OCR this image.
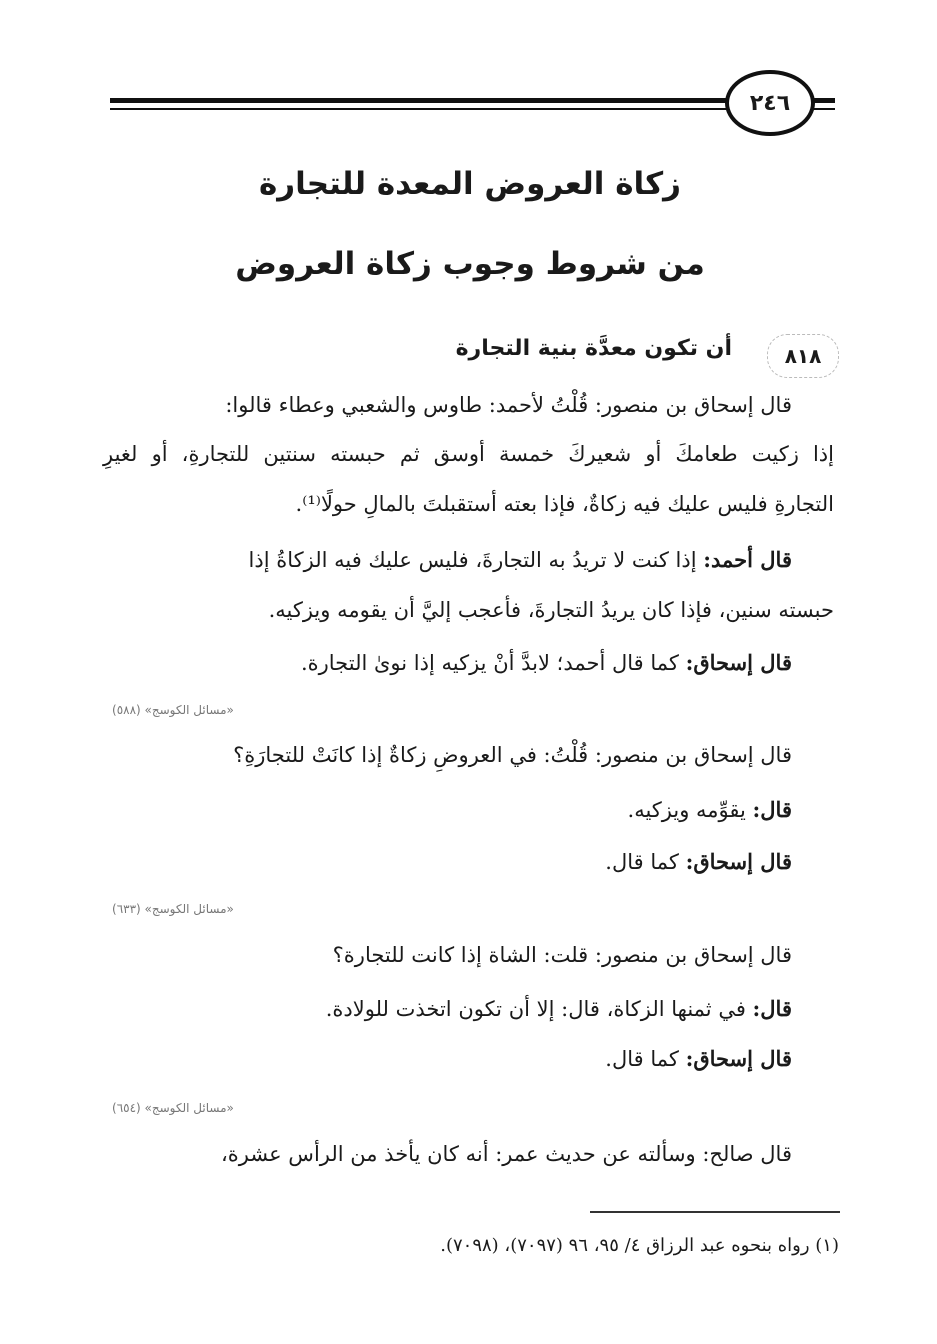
٢٤٦
زكاة العروض المعدة للتجارة
من شروط وجوب زكاة العروض
٨١٨
أن تكون معدَّة بنية التجارة
قال إسحاق بن منصور: قُلْتُ لأحمد: طاوس والشعبي وعطاء قالوا:
إذا زكيت طعامكَ أو شعيركَ خمسة أوسق ثم حبسته سنتين للتجارةِ، أو لغيرِ
التجارةِ فليس عليك فيه زكاةٌ، فإذا بعته أستقبلتَ بالمالِ حولًا⁽¹⁾.
قال أحمد: إذا كنت لا تريدُ به التجارةَ، فليس عليك فيه الزكاةُ إذا
حبسته سنين، فإذا كان يريدُ التجارةَ، فأعجب إليَّ أن يقومه ويزكيه.
قال إسحاق: كما قال أحمد؛ لابدَّ أنْ يزكيه إذا نوىٰ التجارة.
«مسائل الكوسج» (٥٨٨)
قال إسحاق بن منصور: قُلْتُ: في العروضِ زكاةٌ إذا كانَتْ للتجارَةِ؟
قال: يقوِّمه ويزكيه.
قال إسحاق: كما قال.
«مسائل الكوسج» (٦٣٣)
قال إسحاق بن منصور: قلت: الشاة إذا كانت للتجارة؟
قال: في ثمنها الزكاة، قال: إلا أن تكون اتخذت للولادة.
قال إسحاق: كما قال.
«مسائل الكوسج» (٦٥٤)
قال صالح: وسألته عن حديث عمر: أنه كان يأخذ من الرأس عشرة،
(١) رواه بنحوه عبد الرزاق ٤/ ٩٥، ٩٦ (٧٠٩٧)، (٧٠٩٨).
